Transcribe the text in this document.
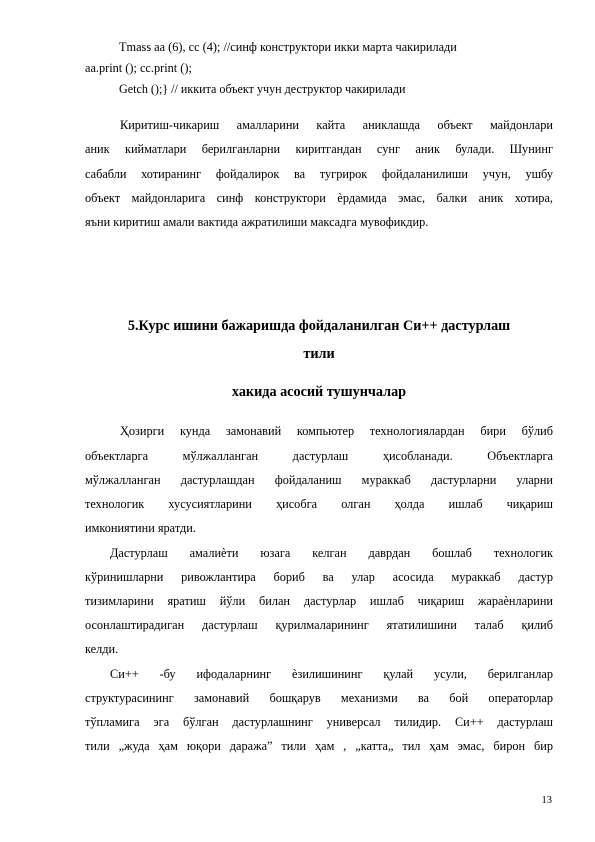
Tmass aa (6), cc (4); //синф конструктори икки марта чакирилади
aa.print (); cc.print ();
Getch ();} // иккита объект учун деструктор чакирилади
Киритиш-чикариш амалларини кайта аниклашда объект майдонлари
аник кийматлари берилганларни киритгандан сунг аник булади. Шунинг
сабабли хотиранинг фойдалирок ва тугрирок фойдаланилиши учун, ушбу
объект майдонларига синф конструктори ѐрдамида эмас, балки аник хотира,
яъни киритиш амали вактида ажратилиши максадга мувофикдир.
5.Курс ишини бажаришда фойдаланилган Си++ дастурлаш
тили
хакида асосий тушунчалар
Ҳозирги кунда замонавий компьютер технологиялардан бири бўлиб
объектларга мўлжалланган дастурлаш ҳисобланади. Объектларга
мўлжалланган дастурлашдан фойдаланиш мураккаб дастурларни уларни
технологик хусусиятларини ҳисобга олган ҳолда ишлаб чиқариш
имкониятини яратди.
Дастурлаш амалиѐти юзага келган даврдан бошлаб технологик
кўринишларни ривожлантира бориб ва улар асосида мураккаб дастур
тизимларини яратиш йўли билан дастурлар ишлаб чиқариш жараѐнларини
осонлаштирадиган дастурлаш қурилмаларининг ятатилишини талаб қилиб
келди.
Си++ -бу ифодаларнинг ѐзилишининг қулай усули, берилганлар
структурасининг замонавий бошқарув механизми ва бой операторлар
тўпламига эга бўлган дастурлашнинг универсал тилидир. Си++ дастурлаш
тили „жуда ҳам юқори даража” тили ҳам , „катта„ тил ҳам эмас, бирон бир
13
